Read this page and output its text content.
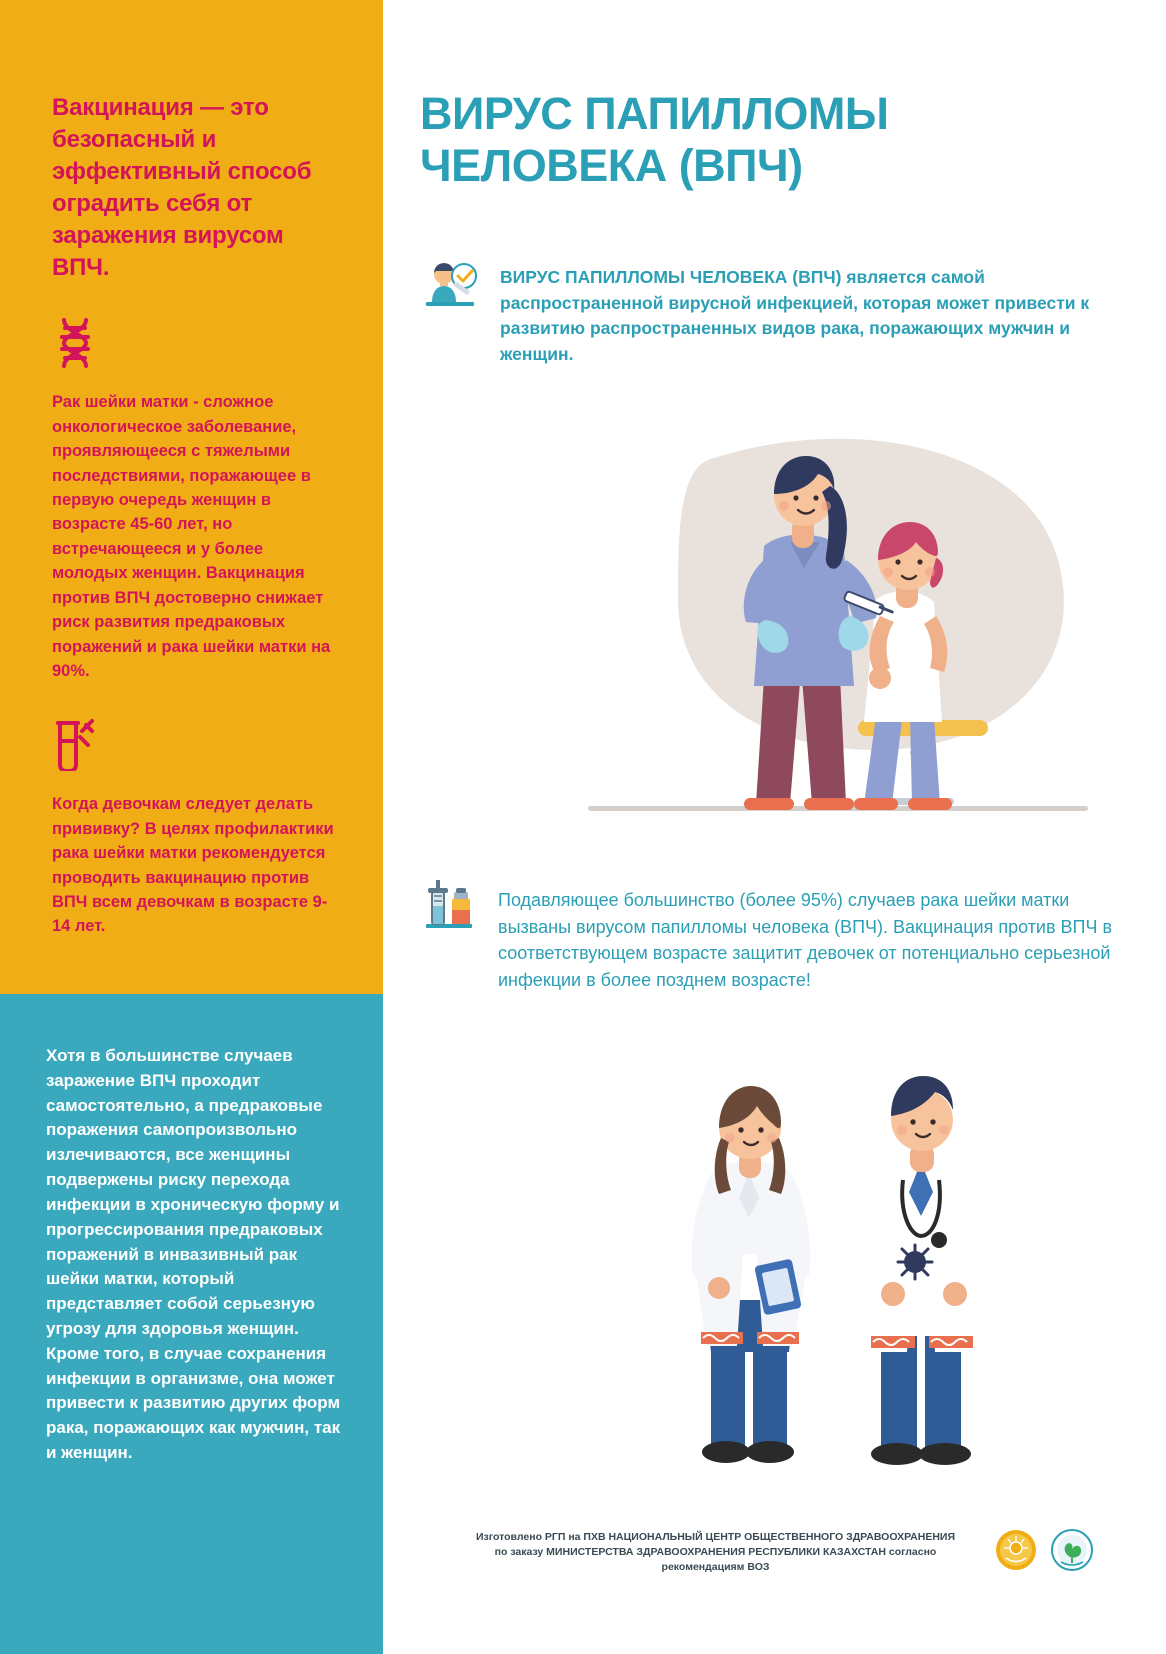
Вакцинация — это безопасный и эффективный способ оградить себя от заражения вирусом ВПЧ.
Рак шейки матки - сложное онкологическое заболевание, проявляющееся с тяжелыми последствиями, поражающее в первую очередь женщин в возрасте 45-60 лет, но встречающееся и у более молодых женщин. Вакцинация против ВПЧ достоверно снижает риск развития предраковых поражений и рака шейки матки на 90%.
Когда девочкам следует делать прививку? В целях профилактики рака шейки матки рекомендуется проводить вакцинацию против ВПЧ всем девочкам в возрасте 9-14 лет.
Хотя в большинстве случаев заражение ВПЧ проходит самостоятельно, а предраковые поражения самопроизвольно излечиваются, все женщины подвержены риску перехода инфекции в хроническую форму и прогрессирования предраковых поражений в инвазивный рак шейки матки, который представляет собой серьезную угрозу для здоровья женщин. Кроме того, в случае сохранения инфекции в организме, она может привести к развитию других форм рака, поражающих как мужчин, так и женщин.
ВИРУС ПАПИЛЛОМЫ ЧЕЛОВЕКА (ВПЧ)
ВИРУС ПАПИЛЛОМЫ ЧЕЛОВЕКА (ВПЧ) является самой распространенной вирусной инфекцией, которая может привести к развитию распространенных видов рака, поражающих мужчин и женщин.
Подавляющее большинство (более 95%) случаев рака шейки матки вызваны вирусом папилломы человека (ВПЧ). Вакцинация против ВПЧ в соответствующем возрасте защитит девочек от потенциально серьезной инфекции в более позднем возрасте!
Изготовлено РГП на ПХВ НАЦИОНАЛЬНЫЙ ЦЕНТР ОБЩЕСТВЕННОГО ЗДРАВООХРАНЕНИЯ
по заказу МИНИСТЕРСТВА ЗДРАВООХРАНЕНИЯ РЕСПУБЛИКИ КАЗАХСТАН согласно
рекомендациям ВОЗ
